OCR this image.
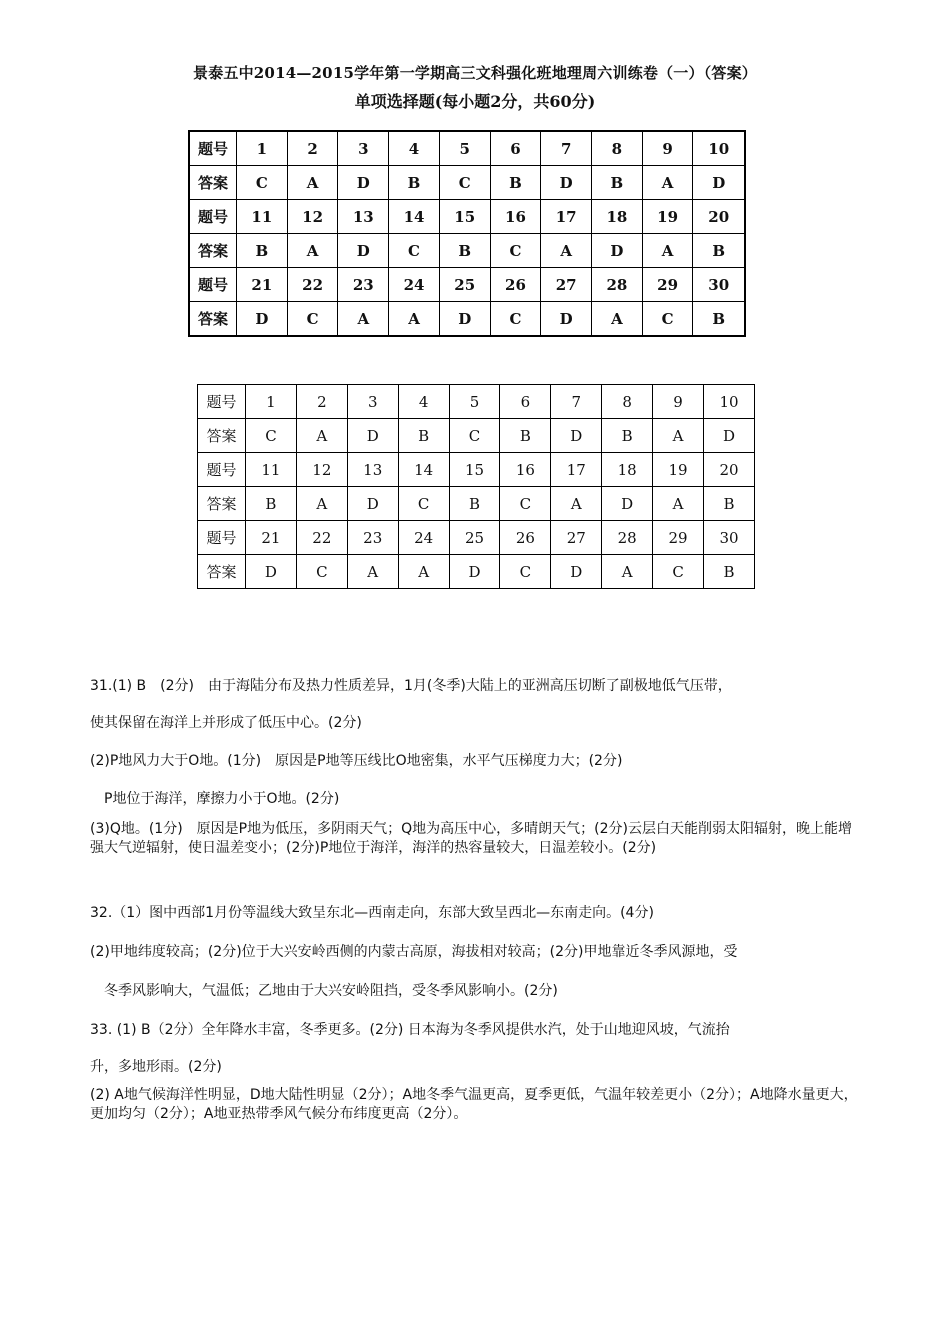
景泰五中2014—2015学年第一学期高三文科强化班地理周六训练卷（一）（答案）
单项选择题(每小题2分，共60分)
题号	1	2	3	4	5	6	7	8	9	10
答案	C	A	D	B	C	B	D	B	A	D
题号	11	12	13	14	15	16	17	18	19	20
答案	B	A	D	C	B	C	A	D	A	B
题号	21	22	23	24	25	26	27	28	29	30
答案	D	C	A	A	D	C	D	A	C	B
题号	1	2	3	4	5	6	7	8	9	10
答案	C	A	D	B	C	B	D	B	A	D
题号	11	12	13	14	15	16	17	18	19	20
答案	B	A	D	C	B	C	A	D	A	B
题号	21	22	23	24	25	26	27	28	29	30
答案	D	C	A	A	D	C	D	A	C	B
31.(1) B　(2分)　由于海陆分布及热力性质差异，1月(冬季)大陆上的亚洲高压切断了副极地低气压带，
使其保留在海洋上并形成了低压中心。(2分)
(2)P地风力大于O地。(1分)　原因是P地等压线比O地密集，水平气压梯度力大；(2分)
　P地位于海洋，摩擦力小于O地。(2分)
(3)Q地。(1分)　原因是P地为低压，多阴雨天气；Q地为高压中心，多晴朗天气；(2分)云层白天能削弱太阳辐射，晚上能增强大气逆辐射，使日温差变小；(2分)P地位于海洋，海洋的热容量较大，日温差较小。(2分)
32.（1）图中西部1月份等温线大致呈东北—西南走向，东部大致呈西北—东南走向。(4分)
(2)甲地纬度较高；(2分)位于大兴安岭西侧的内蒙古高原，海拔相对较高；(2分)甲地靠近冬季风源地，受
　冬季风影响大，气温低；乙地由于大兴安岭阻挡，受冬季风影响小。(2分)
33. (1) B（2分）全年降水丰富，冬季更多。(2分) 日本海为冬季风提供水汽，处于山地迎风坡，气流抬
升，多地形雨。(2分)
(2) A地气候海洋性明显，D地大陆性明显（2分）；A地冬季气温更高，夏季更低，气温年较差更小（2分）；A地降水量更大，更加均匀（2分）；A地亚热带季风气候分布纬度更高（2分）。
